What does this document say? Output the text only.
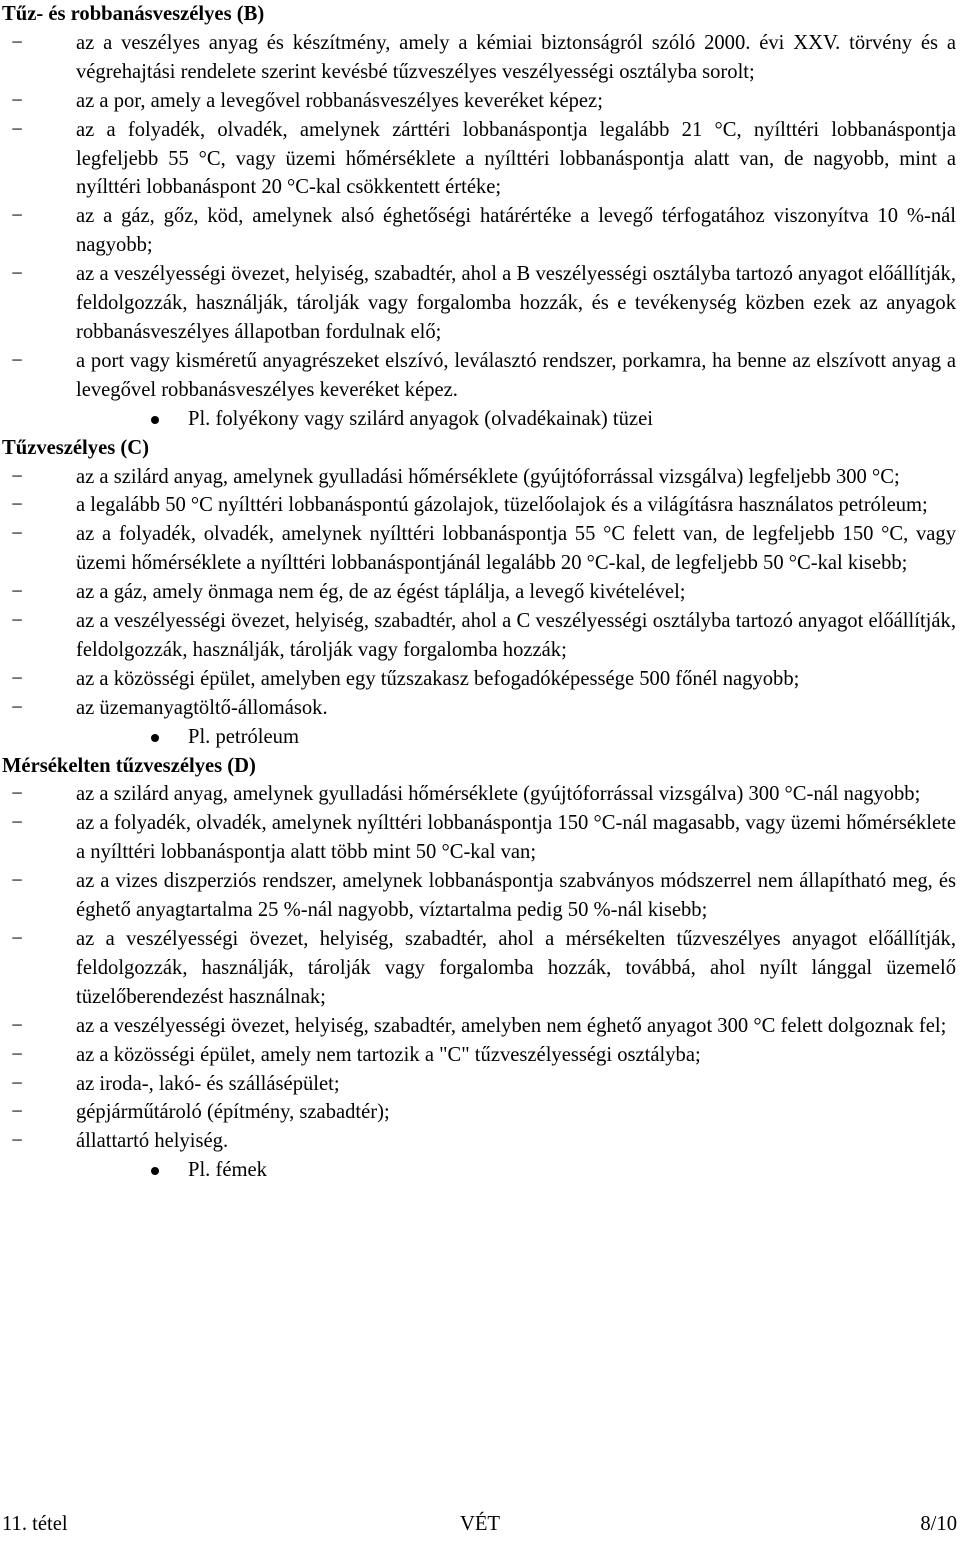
Tűz- és robbanásveszélyes (B)

−	az a veszélyes anyag és készítmény, amely a kémiai biztonságról szóló 2000. évi XXV. törvény és a végrehajtási rendelete szerint kevésbé tűzveszélyes veszélyességi osztályba sorolt;
−	az a por, amely a levegővel robbanásveszélyes keveréket képez;
−	az a folyadék, olvadék, amelynek zárttéri lobbanáspontja legalább 21 °C, nyílttéri lobbanáspontja legfeljebb 55 °C, vagy üzemi hőmérséklete a nyílttéri lobbanáspontja alatt van, de nagyobb, mint a nyílttéri lobbanáspont 20 °C-kal csökkentett értéke;
−	az a gáz, gőz, köd, amelynek alsó éghetőségi határértéke a levegő térfogatához viszonyítva 10 %-nál nagyobb;
−	az a veszélyességi övezet, helyiség, szabadtér, ahol a B veszélyességi osztályba tartozó anyagot előállítják, feldolgozzák, használják, tárolják vagy forgalomba hozzák, és e tevékenység közben ezek az anyagok robbanásveszélyes állapotban fordulnak elő;
−	a port vagy kisméretű anyagrészeket elszívó, leválasztó rendszer, porkamra, ha benne az elszívott anyag a levegővel robbanásveszélyes keveréket képez.
Pl. folyékony vagy szilárd anyagok (olvadékainak) tüzei

Tűzveszélyes (C)

−	az a szilárd anyag, amelynek gyulladási hőmérséklete (gyújtóforrással vizsgálva) legfeljebb 300 °C;
−	a legalább 50 °C nyílttéri lobbanáspontú gázolajok, tüzelőolajok és a világításra használatos petróleum;
−	az a folyadék, olvadék, amelynek nyílttéri lobbanáspontja 55 °C felett van, de legfeljebb 150 °C, vagy üzemi hőmérséklete a nyílttéri lobbanáspontjánál legalább 20 °C-kal, de legfeljebb 50 °C-kal kisebb;
−	az a gáz, amely önmaga nem ég, de az égést táplálja, a levegő kivételével;
−	az a veszélyességi övezet, helyiség, szabadtér, ahol a C veszélyességi osztályba tartozó anyagot előállítják, feldolgozzák, használják, tárolják vagy forgalomba hozzák;
−	az a közösségi épület, amelyben egy tűzszakasz befogadóképessége 500 főnél nagyobb;
−	az üzemanyagtöltő-állomások.
Pl. petróleum

Mérsékelten tűzveszélyes (D)

−	az a szilárd anyag, amelynek gyulladási hőmérséklete (gyújtóforrással vizsgálva) 300 °C-nál nagyobb;
−	az a folyadék, olvadék, amelynek nyílttéri lobbanáspontja 150 °C-nál magasabb, vagy üzemi hőmérséklete a nyílttéri lobbanáspontja alatt több mint 50 °C-kal van;
−	az a vizes diszperziós rendszer, amelynek lobbanáspontja szabványos módszerrel nem állapítható meg, és éghető anyagtartalma 25 %-nál nagyobb, víztartalma pedig 50 %-nál kisebb;
−	az a veszélyességi övezet, helyiség, szabadtér, ahol a mérsékelten tűzveszélyes anyagot előállítják, feldolgozzák, használják, tárolják vagy forgalomba hozzák, továbbá, ahol nyílt lánggal üzemelő tüzelőberendezést használnak;
−	az a veszélyességi övezet, helyiség, szabadtér, amelyben nem éghető anyagot 300 °C felett dolgoznak fel;
−	az a közösségi épület, amely nem tartozik a "C" tűzveszélyességi osztályba;
−	az iroda-, lakó- és szállásépület;
−	gépjárműtároló (építmény, szabadtér);
−	állattartó helyiség.
Pl. fémek
11. tétel	VÉT	8/10
